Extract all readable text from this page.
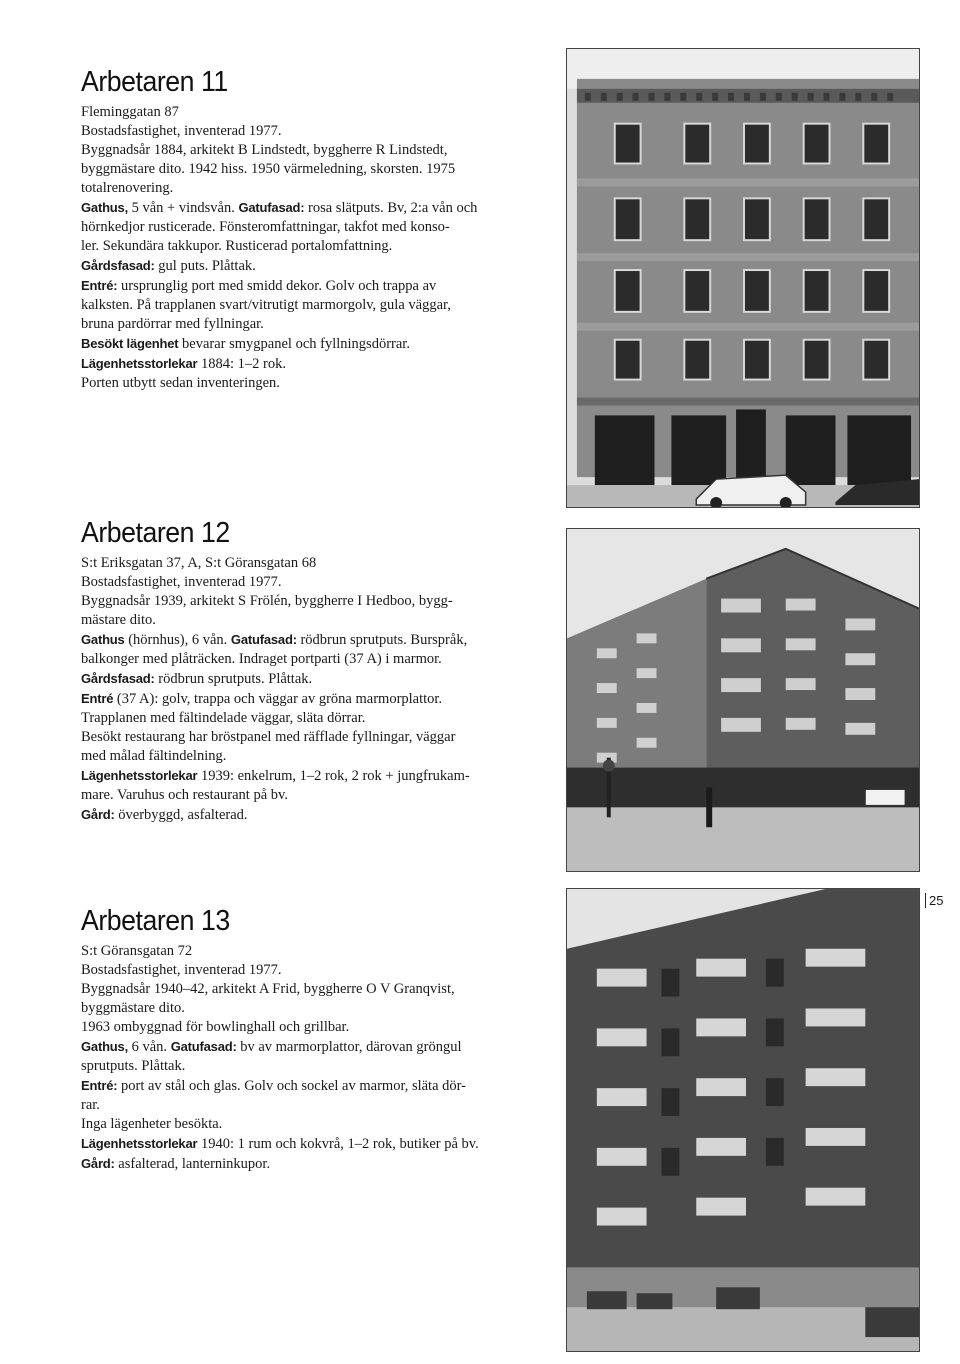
Arbetaren 11

Fleminggatan 87

Bostadsfastighet, inventerad 1977.

Byggnadsår 1884, arkitekt B Lindstedt, byggherre R Lindstedt,

byggmästare dito. 1942 hiss. 1950 värmeledning, skorsten. 1975

totalrenovering.

Gathus, 5 vån + vindsvån. Gatufasad: rosa slätputs. Bv, 2:a vån och

hörnkedjor rusticerade. Fönsteromfattningar, takfot med konso-

ler. Sekundära takkupor. Rusticerad portalomfattning.

Gårdsfasad: gul puts. Plåttak.

Entré: ursprunglig port med smidd dekor. Golv och trappa av

kalksten. På trapplanen svart/vitrutigt marmorgolv, gula väggar,

bruna pardörrar med fyllningar.

Besökt lägenhet bevarar smygpanel och fyllningsdörrar.

Lägenhetsstorlekar 1884: 1–2 rok.

Porten utbytt sedan inventeringen.

Arbetaren 12

S:t Eriksgatan 37, A, S:t Göransgatan 68

Bostadsfastighet, inventerad 1977.

Byggnadsår 1939, arkitekt S Frölén, byggherre I Hedboo, bygg-

mästare dito.

Gathus (hörnhus), 6 vån. Gatufasad: rödbrun sprutputs. Burspråk,

balkonger med plåträcken. Indraget portparti (37 A) i marmor.

Gårdsfasad: rödbrun sprutputs. Plåttak.

Entré (37 A): golv, trappa och väggar av gröna marmorplattor.

Trapplanen med fältindelade väggar, släta dörrar.

Besökt restaurang har bröstpanel med räfflade fyllningar, väggar

med målad fältindelning.

Lägenhetsstorlekar 1939: enkelrum, 1–2 rok, 2 rok + jungfrukam-

mare. Varuhus och restaurant på bv.

Gård: överbyggd, asfalterad.

Arbetaren 13

S:t Göransgatan 72

Bostadsfastighet, inventerad 1977.

Byggnadsår 1940–42, arkitekt A Frid, byggherre O V Granqvist,

byggmästare dito.

1963 ombyggnad för bowlinghall och grillbar.

Gathus, 6 vån. Gatufasad: bv av marmorplattor, därovan gröngul

sprutputs. Plåttak.

Entré: port av stål och glas. Golv och sockel av marmor, släta dör-

rar.

Inga lägenheter besökta.

Lägenhetsstorlekar 1940: 1 rum och kokvrå, 1–2 rok, butiker på bv.

Gård: asfalterad, lanterninkupor.

25
